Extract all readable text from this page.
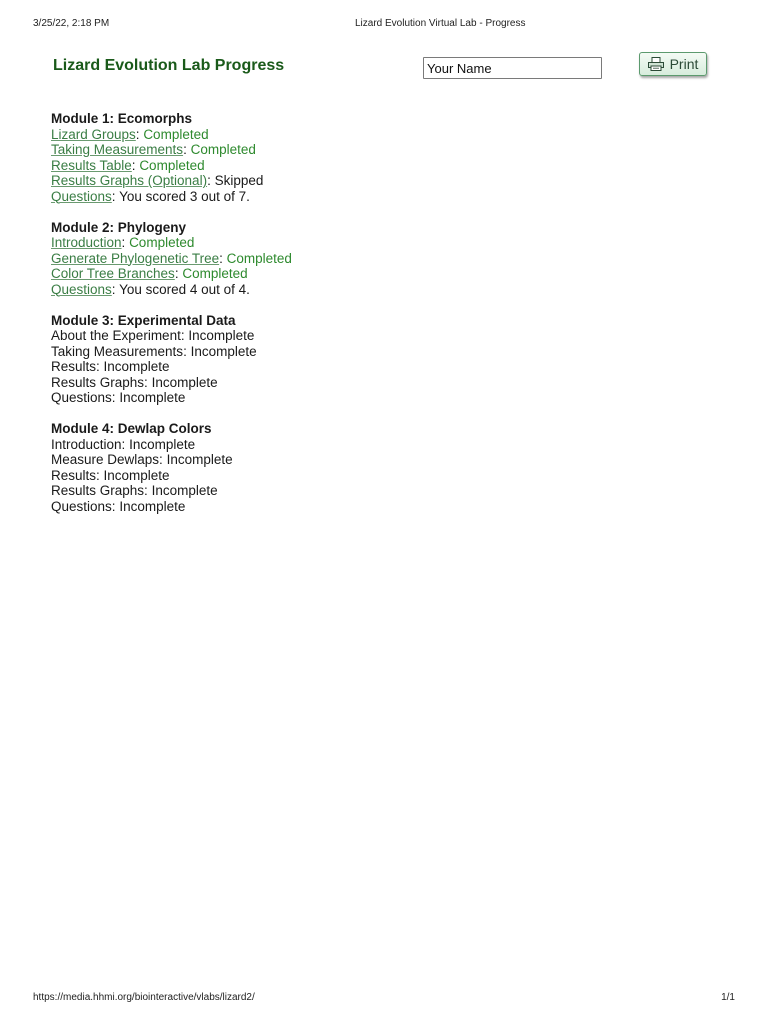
3/25/22, 2:18 PM	Lizard Evolution Virtual Lab - Progress
Lizard Evolution Lab Progress
Your Name	Print
Module 1: Ecomorphs
Lizard Groups: Completed
Taking Measurements: Completed
Results Table: Completed
Results Graphs (Optional): Skipped
Questions: You scored 3 out of 7.
Module 2: Phylogeny
Introduction: Completed
Generate Phylogenetic Tree: Completed
Color Tree Branches: Completed
Questions: You scored 4 out of 4.
Module 3: Experimental Data
About the Experiment: Incomplete
Taking Measurements: Incomplete
Results: Incomplete
Results Graphs: Incomplete
Questions: Incomplete
Module 4: Dewlap Colors
Introduction: Incomplete
Measure Dewlaps: Incomplete
Results: Incomplete
Results Graphs: Incomplete
Questions: Incomplete
https://media.hhmi.org/biointeractive/vlabs/lizard2/	1/1
